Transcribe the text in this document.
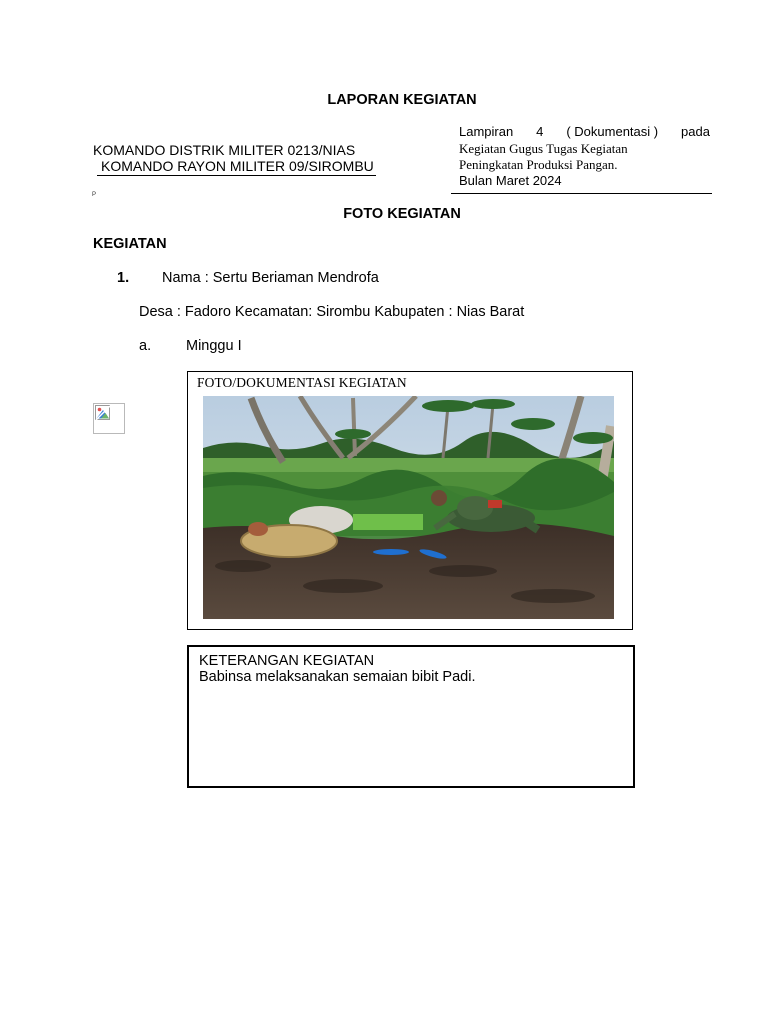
LAPORAN KEGIATAN
KOMANDO DISTRIK MILITER 0213/NIAS
KOMANDO RAYON MILITER 09/SIROMBU
P
Lampiran 4 ( Dokumentasi ) pada
Kegiatan Gugus Tugas Kegiatan
Peningkatan Produksi Pangan.
Bulan Maret 2024
FOTO KEGIATAN
KEGIATAN
1. Nama : Sertu Beriaman Mendrofa
Desa : Fadoro Kecamatan: Sirombu Kabupaten : Nias Barat
a. Minggu I
FOTO/DOKUMENTASI KEGIATAN
KETERANGAN KEGIATAN
Babinsa melaksanakan semaian bibit Padi.
